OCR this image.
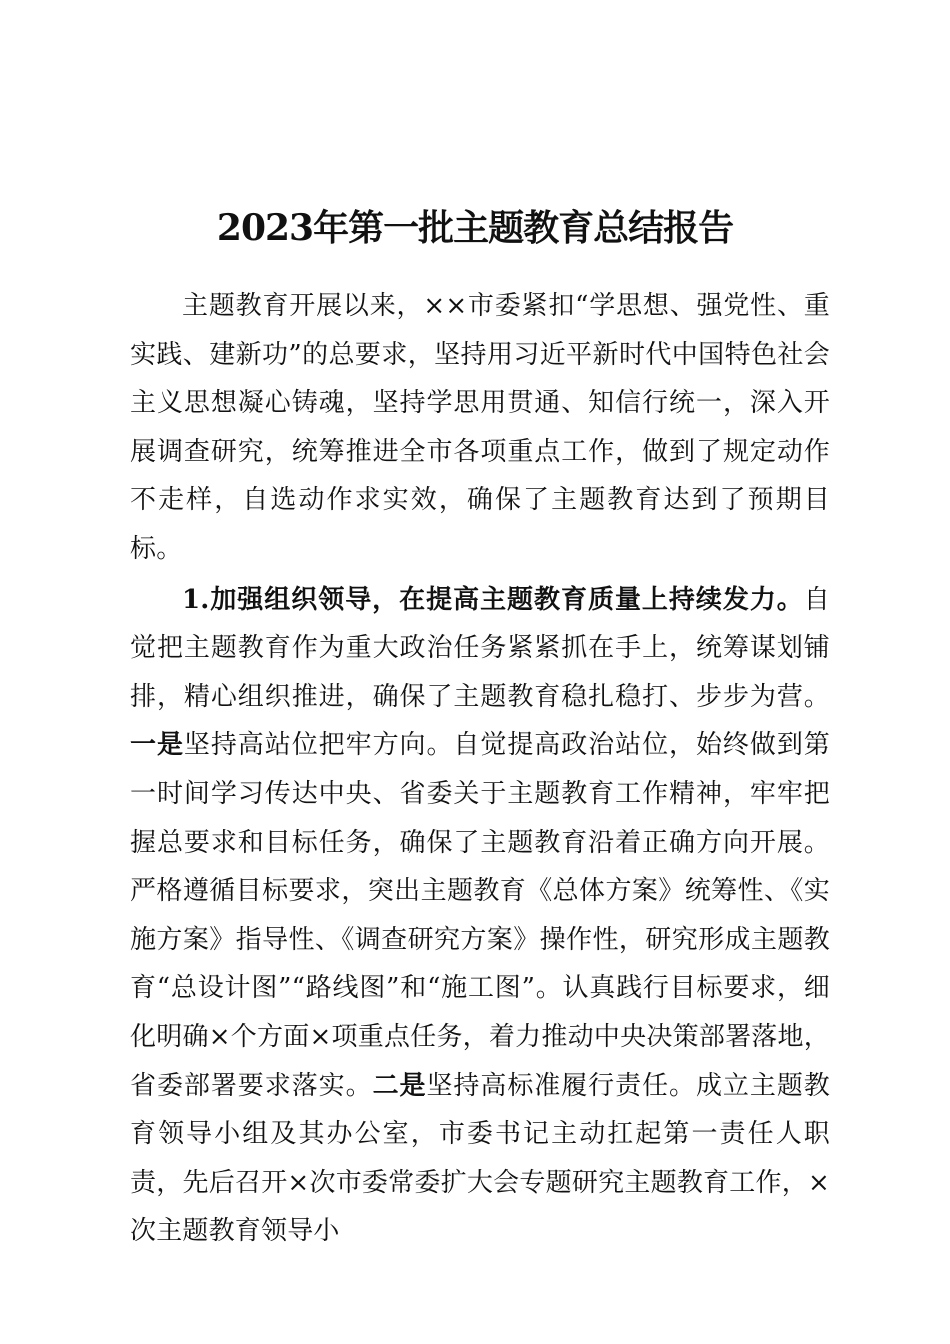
2023年第一批主题教育总结报告

主题教育开展以来，××市委紧扣“学思想、强党性、重实践、建新功”的总要求，坚持用习近平新时代中国特色社会主义思想凝心铸魂，坚持学思用贯通、知信行统一，深入开展调查研究，统筹推进全市各项重点工作，做到了规定动作不走样，自选动作求实效，确保了主题教育达到了预期目标。

1.加强组织领导，在提高主题教育质量上持续发力。自觉把主题教育作为重大政治任务紧紧抓在手上，统筹谋划铺排，精心组织推进，确保了主题教育稳扎稳打、步步为营。一是坚持高站位把牢方向。自觉提高政治站位，始终做到第一时间学习传达中央、省委关于主题教育工作精神，牢牢把握总要求和目标任务，确保了主题教育沿着正确方向开展。严格遵循目标要求，突出主题教育《总体方案》统筹性、《实施方案》指导性、《调查研究方案》操作性，研究形成主题教育“总设计图”“路线图”和“施工图”。认真践行目标要求，细化明确×个方面×项重点任务，着力推动中央决策部署落地，省委部署要求落实。二是坚持高标准履行责任。成立主题教育领导小组及其办公室，市委书记主动扛起第一责任人职责，先后召开×次市委常委扩大会专题研究主题教育工作，×次主题教育领导小
